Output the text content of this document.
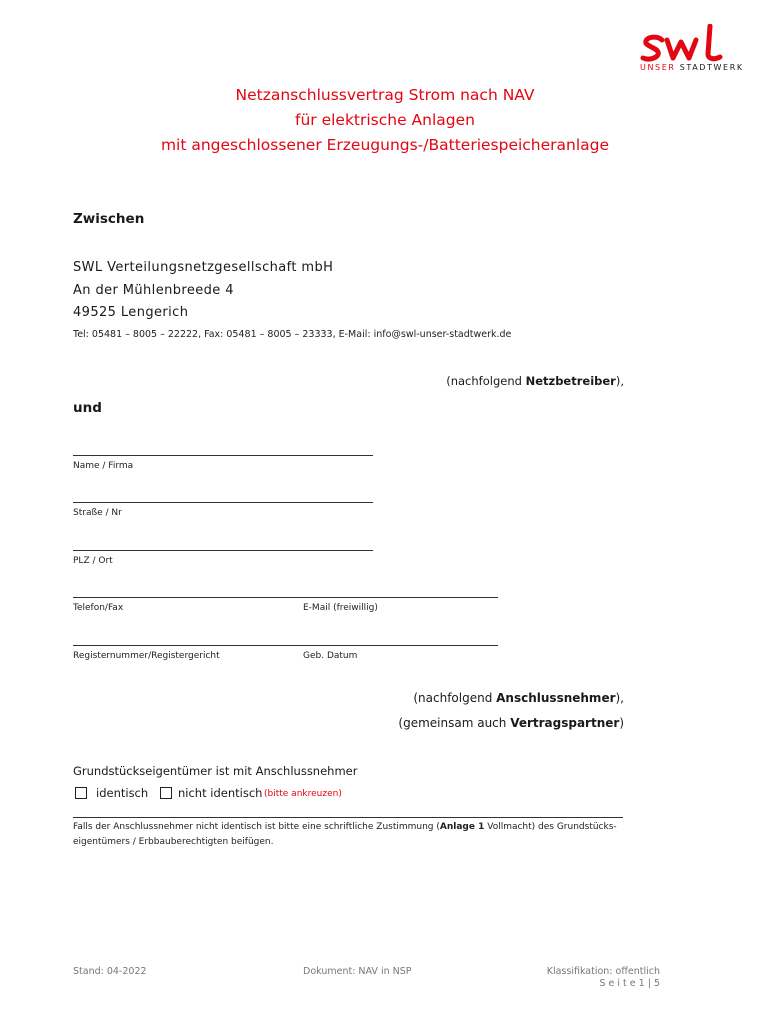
UNSER STADTWERK
Netzanschlussvertrag Strom nach NAV
für elektrische Anlagen
mit angeschlossener Erzeugungs-/Batteriespeicheranlage
Zwischen
SWL Verteilungsnetzgesellschaft mbH
An der Mühlenbreede 4
49525 Lengerich
Tel: 05481 – 8005 – 22222, Fax: 05481 – 8005 – 23333, E-Mail: info@swl-unser-stadtwerk.de
(nachfolgend Netzbetreiber),
und
Name / Firma
Straße / Nr
PLZ / Ort
Telefon/Fax	E-Mail (freiwillig)
Registernummer/Registergericht	Geb. Datum
(nachfolgend Anschlussnehmer),
(gemeinsam auch Vertragspartner)
Grundstückseigentümer ist mit Anschlussnehmer
identisch	nicht identisch (bitte ankreuzen)
Falls der Anschlussnehmer nicht identisch ist bitte eine schriftliche Zustimmung (Anlage 1 Vollmacht) des Grundstücks-
eigentümers / Erbbauberechtigten beifügen.
Stand: 04-2022	Dokument: NAV in NSP	Klassifikation: offentlich
S e i t e 1 | 5
